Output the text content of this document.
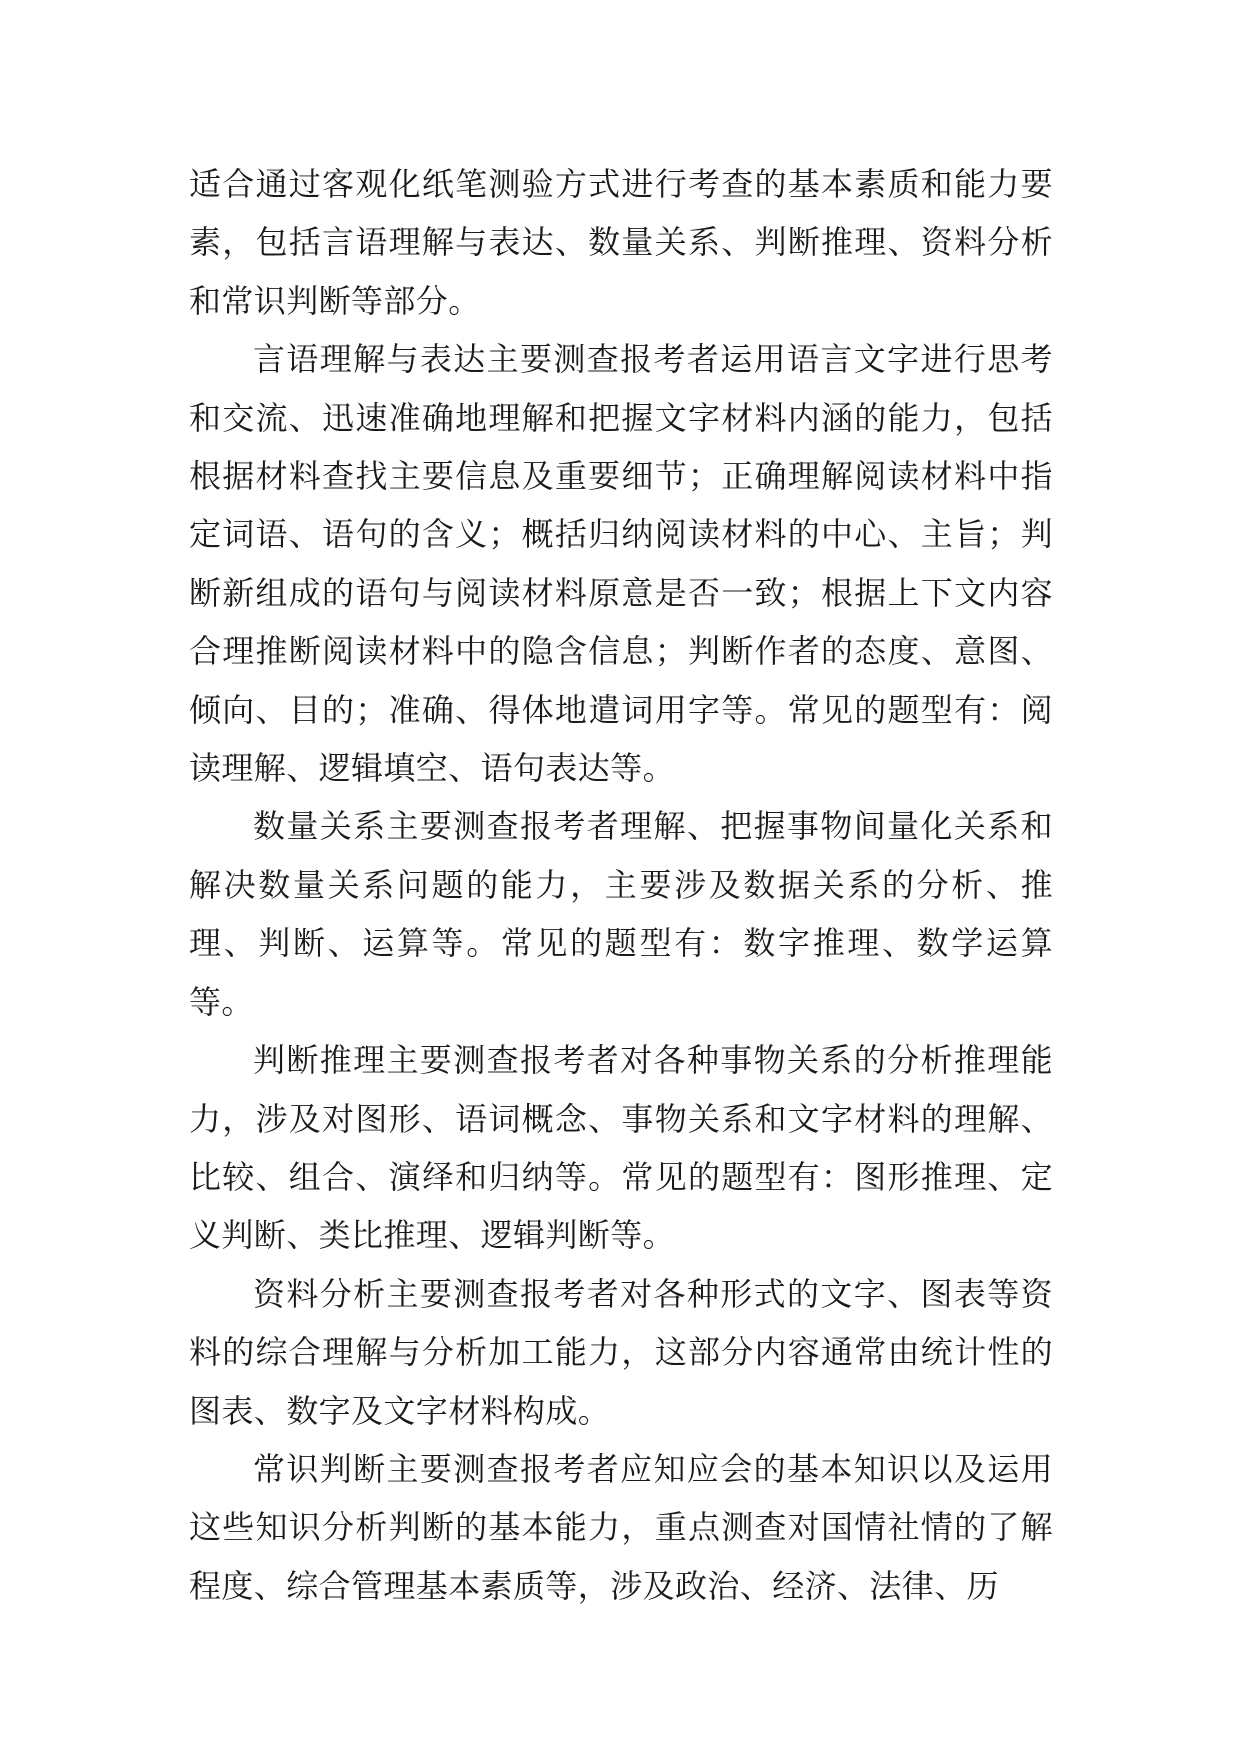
适合通过客观化纸笔测验方式进行考查的基本素质和能力要素，包括言语理解与表达、数量关系、判断推理、资料分析和常识判断等部分。

言语理解与表达主要测查报考者运用语言文字进行思考和交流、迅速准确地理解和把握文字材料内涵的能力，包括根据材料查找主要信息及重要细节；正确理解阅读材料中指定词语、语句的含义；概括归纳阅读材料的中心、主旨；判断新组成的语句与阅读材料原意是否一致；根据上下文内容合理推断阅读材料中的隐含信息；判断作者的态度、意图、倾向、目的；准确、得体地遣词用字等。常见的题型有：阅读理解、逻辑填空、语句表达等。

数量关系主要测查报考者理解、把握事物间量化关系和解决数量关系问题的能力，主要涉及数据关系的分析、推理、判断、运算等。常见的题型有：数字推理、数学运算等。

判断推理主要测查报考者对各种事物关系的分析推理能力，涉及对图形、语词概念、事物关系和文字材料的理解、比较、组合、演绎和归纳等。常见的题型有：图形推理、定义判断、类比推理、逻辑判断等。

资料分析主要测查报考者对各种形式的文字、图表等资料的综合理解与分析加工能力，这部分内容通常由统计性的图表、数字及文字材料构成。

常识判断主要测查报考者应知应会的基本知识以及运用这些知识分析判断的基本能力，重点测查对国情社情的了解程度、综合管理基本素质等，涉及政治、经济、法律、历
